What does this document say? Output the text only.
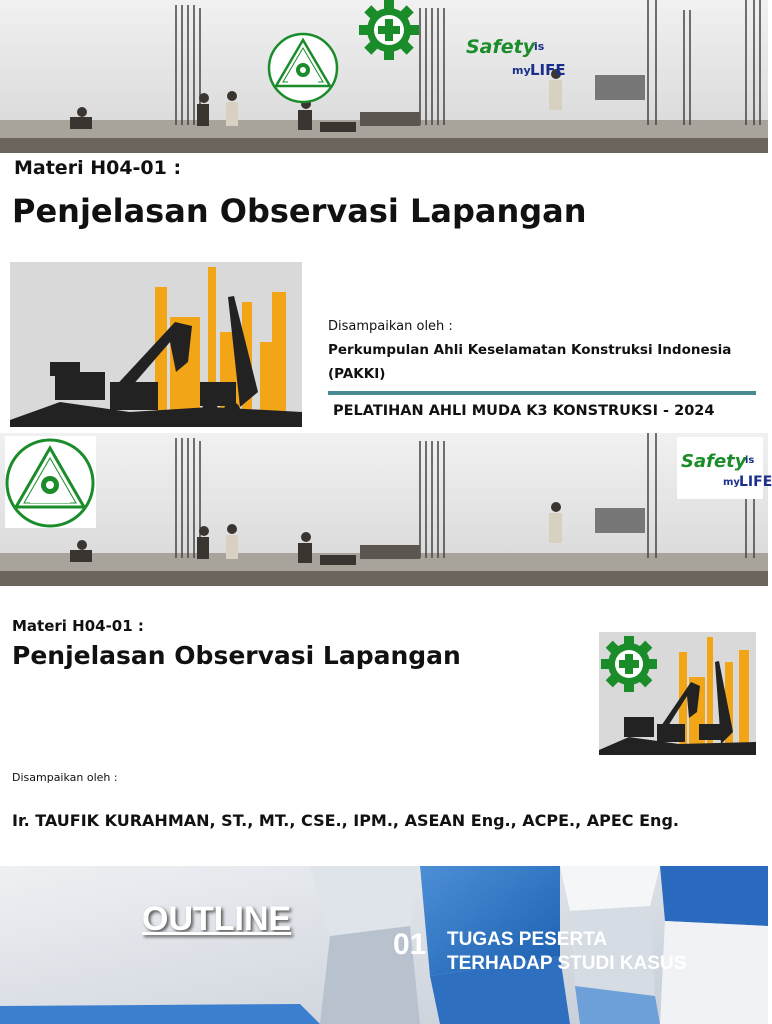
Safety
is
my LIFE
Materi H04-01 :
Penjelasan Observasi Lapangan
Disampaikan oleh :
Perkumpulan Ahli Keselamatan Konstruksi Indonesia
(PAKKI)
PELATIHAN AHLI MUDA K3 KONSTRUKSI - 2024
Safety
is
my LIFE
Materi H04-01 :
Penjelasan Observasi Lapangan
Disampaikan oleh :
Ir. TAUFIK KURAHMAN, ST., MT., CSE., IPM., ASEAN Eng., ACPE., APEC Eng.
OUTLINE
01 TUGAS PESERTA
TERHADAP STUDI KASUS
